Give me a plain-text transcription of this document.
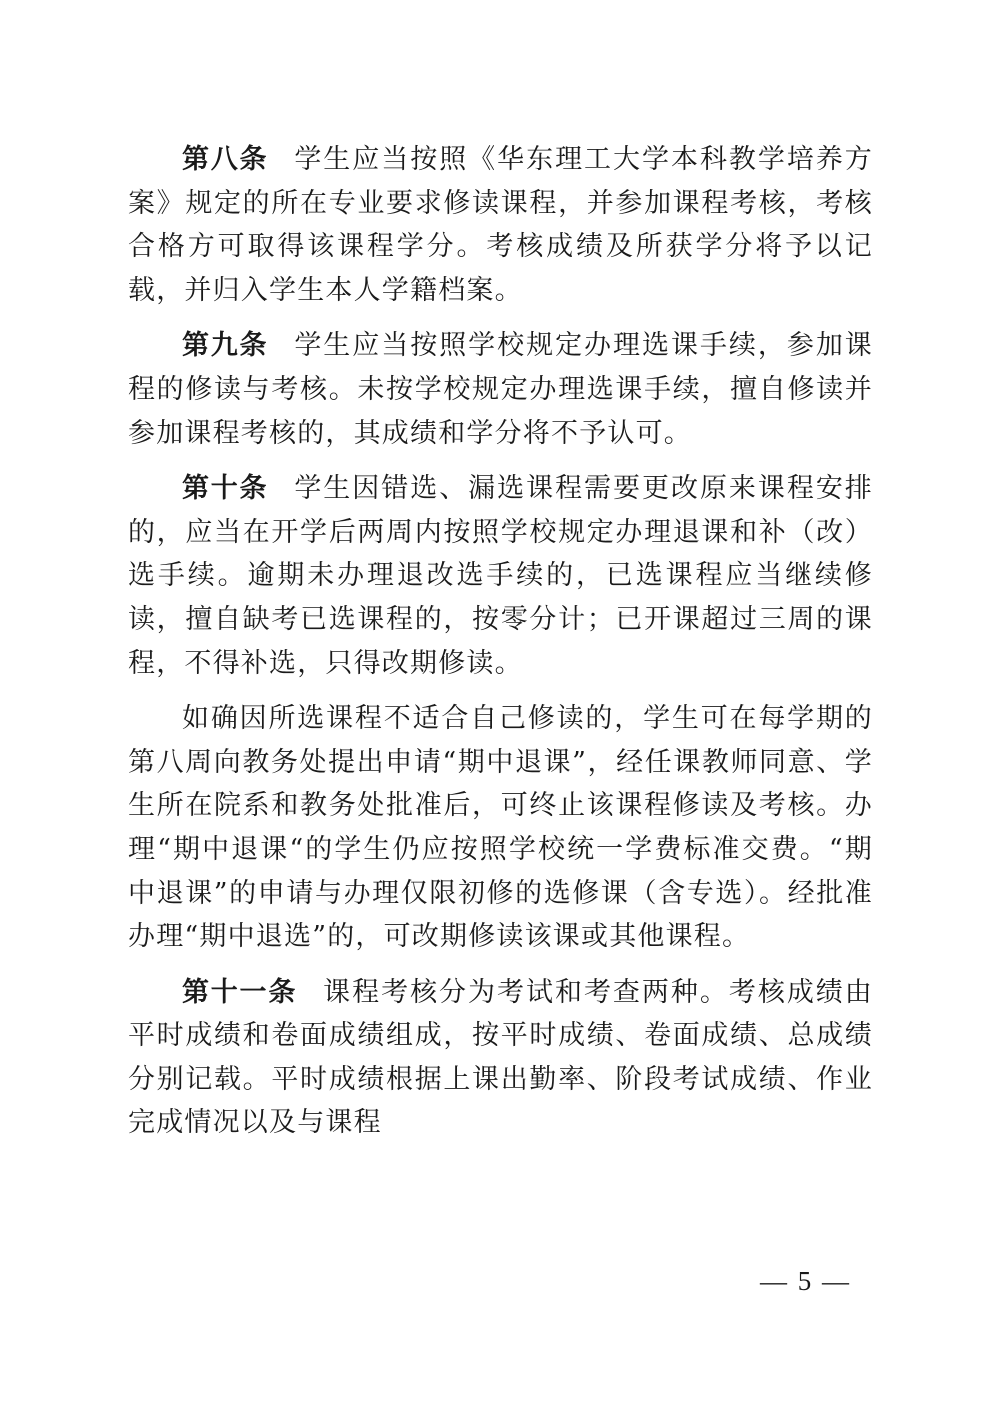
第八条 学生应当按照《华东理工大学本科教学培养方案》规定的所在专业要求修读课程，并参加课程考核，考核合格方可取得该课程学分。考核成绩及所获学分将予以记载，并归入学生本人学籍档案。

第九条 学生应当按照学校规定办理选课手续，参加课程的修读与考核。未按学校规定办理选课手续，擅自修读并参加课程考核的，其成绩和学分将不予认可。

第十条 学生因错选、漏选课程需要更改原来课程安排的，应当在开学后两周内按照学校规定办理退课和补（改）选手续。逾期未办理退改选手续的，已选课程应当继续修读，擅自缺考已选课程的，按零分计；已开课超过三周的课程，不得补选，只得改期修读。

如确因所选课程不适合自己修读的，学生可在每学期的第八周向教务处提出申请“期中退课”，经任课教师同意、学生所在院系和教务处批准后，可终止该课程修读及考核。办理“期中退课“的学生仍应按照学校统一学费标准交费。“期中退课”的申请与办理仅限初修的选修课（含专选）。经批准办理“期中退选”的，可改期修读该课或其他课程。

第十一条 课程考核分为考试和考查两种。考核成绩由平时成绩和卷面成绩组成，按平时成绩、卷面成绩、总成绩分别记载。平时成绩根据上课出勤率、阶段考试成绩、作业完成情况以及与课程

— 5 —
